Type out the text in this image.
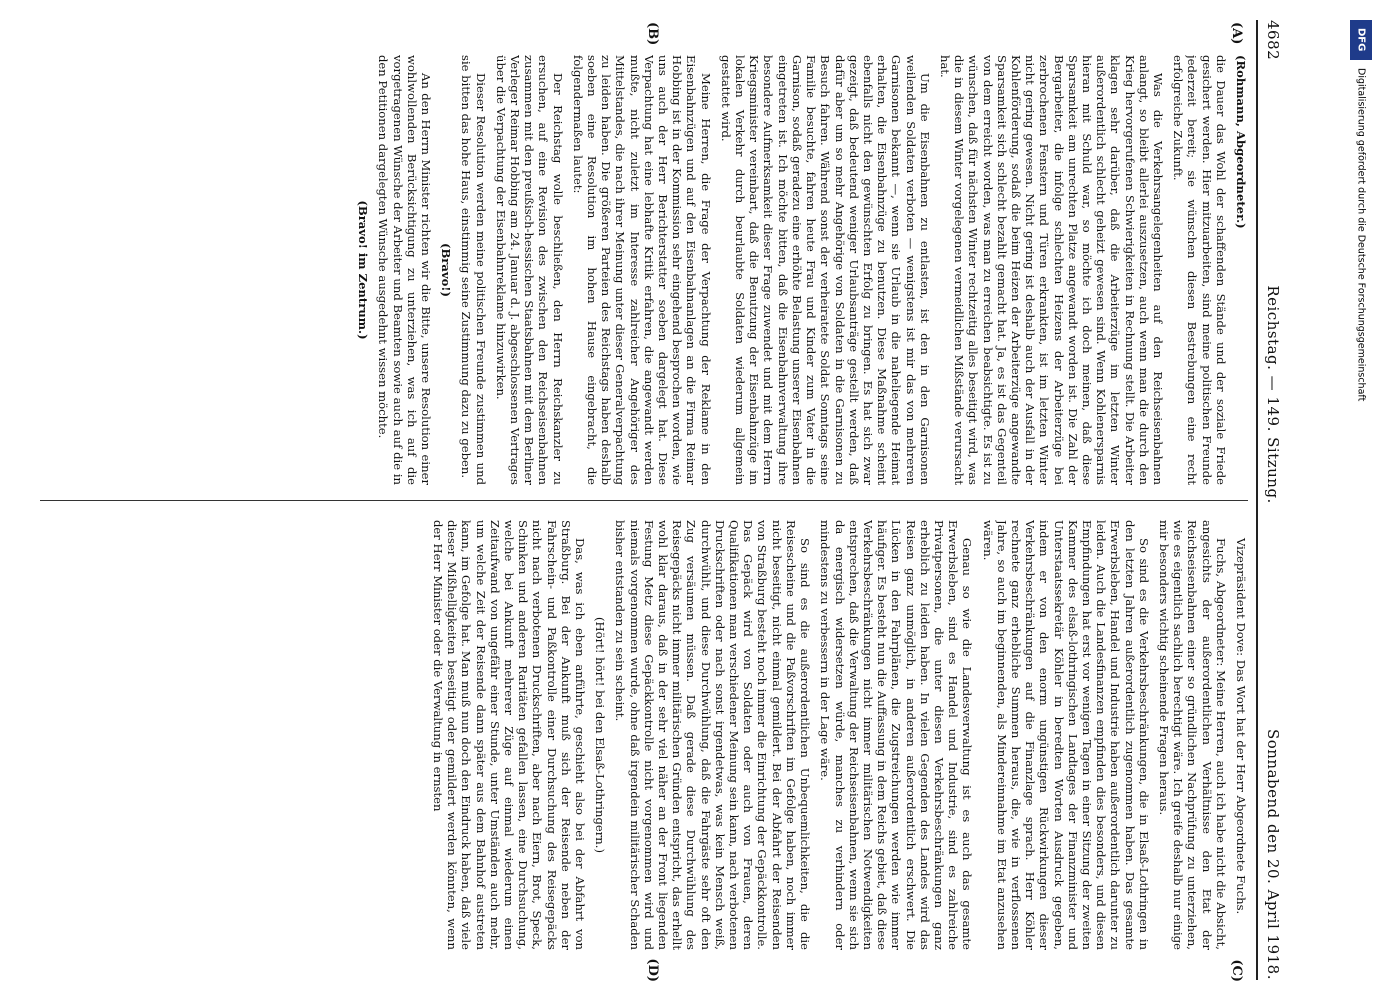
4682
Reichstag. — 149. Sitzung.
Sonnabend den 20. April 1918.
(A)
(B)
(C)
(D)

(Rohmann, Abgeordneter.)

die Dauer das Wohl der schaffenden Stände und der soziale Friede gesichert werden. Hier mitzuarbeiten, sind meine politischen Freunde jederzeit bereit; sie wünschen diesen Bestrebungen eine recht erfolgreiche Zukunft.

Was die Verkehrsangelegenheiten auf den Reichseisenbahnen anlangt, so bleibt allerlei auszusetzen, auch wenn man die durch den Krieg hervorgerufenen Schwierigkeiten in Rechnung stellt. Die Arbeiter klagen sehr darüber, daß die Arbeiterzüge im letzten Winter außerordentlich schlecht geheizt gewesen sind. Wenn Kohlenersparnis hieran mit Schuld war, so möchte ich doch meinen, daß diese Sparsamkeit am unrechten Platze angewandt worden ist. Die Zahl der Bergarbeiter, die infolge schlechten Heizens der Arbeiterzüge bei zerbrochenen Fenstern und Türen erkrankten, ist im letzten Winter nicht gering gewesen. Nicht gering ist deshalb auch der Ausfall in der Kohlenförderung, sodaß die beim Heizen der Arbeiterzüge angewandte Sparsamkeit sich schlecht bezahlt gemacht hat. Ja, es ist das Gegenteil von dem erreicht worden, was man zu erreichen beabsichtigte. Es ist zu wünschen, daß für nächsten Winter rechtzeitig alles beseitigt wird, was die in diesem Winter vorgelegenen vermeidlichen Mißstände verursacht hat.

Um die Eisenbahnen zu entlasten, ist den in den Garnisonen weilenden Soldaten verboten — wenigstens ist mir das von mehreren Garnisonen bekannt —, wenn sie Urlaub in die naheliegende Heimat erhalten, die Eisenbahnzüge zu benutzen. Diese Maßnahme scheint ebenfalls nicht den gewünschten Erfolg zu bringen. Es hat sich zwar gezeigt, daß bedeutend weniger Urlaubsanträge gestellt werden, daß dafür aber um so mehr Angehörige von Soldaten in die Garnisonen zu Besuch fahren. Während sonst der verheiratete Soldat Sonntags seine Familie besuchte, fahren heute Frau und Kinder zum Vater in die Garnison, sodaß geradezu eine erhöhte Belastung unserer Eisenbahnen eingetreten ist. Ich möchte bitten, daß die Eisenbahnverwaltung ihre besondere Aufmerksamkeit dieser Frage zuwendet und mit dem Herrn Kriegsminister vereinbart, daß die Benutzung der Eisenbahnzüge im lokalen Verkehr durch beurlaubte Soldaten wiederum allgemein gestattet wird.

Meine Herren, die Frage der Verpachtung der Reklame in den Eisenbahnzügen und auf den Eisenbahnanlagen an die Firma Reimar Hobbing ist in der Kommission sehr eingehend besprochen worden, wie uns auch der Herr Berichterstatter soeben dargelegt hat. Diese Verpachtung hat eine lebhafte Kritik erfahren, die angewandt werden mußte, nicht zuletzt im Interesse zahlreicher Angehöriger des Mittelstandes, die nach ihrer Meinung unter dieser Generalverpachtung zu leiden haben. Die größeren Parteien des Reichstags haben deshalb soeben eine Resolution im hohen Hause eingebracht, die folgendermaßen lautet:

Der Reichstag wolle beschließen, den Herrn Reichskanzler zu ersuchen, auf eine Revision des zwischen den Reichseisenbahnen zusammen mit den preußisch-hessischen Staatsbahnen mit dem Berliner Verleger Reimar Hobbing am 24. Januar d. J. abgeschlossenen Vertrages über die Verpachtung der Eisenbahnreklame hinzuwirken.

Dieser Resolution werden meine politischen Freunde zustimmen und sie bitten das hohe Haus, einstimmig seine Zustimmung dazu zu geben.

(Bravo!)

An den Herrn Minister richten wir die Bitte, unsere Resolution einer wohlwollenden Berücksichtigung zu unterziehen, was ich auf die vorgetragenen Wünsche der Arbeiter und Beamten sowie auch auf die in den Petitionen dargelegten Wünsche ausgedehnt wissen möchte.

(Bravo! im Zentrum.)

Vizepräsident Dove: Das Wort hat der Herr Abgeordnete Fuchs.

Fuchs, Abgeordneter: Meine Herren, auch ich habe nicht die Absicht, angesichts der außerordentlichen Verhältnisse den Etat der Reichseisenbahnen einer so gründlichen Nachprüfung zu unterziehen, wie es eigentlich sachlich berechtigt wäre. Ich greife deshalb nur einige mir besonders wichtig scheinende Fragen heraus.

So sind es die Verkehrsbeschränkungen, die in Elsaß-Lothringen in den letzten Jahren außerordentlich zugenommen haben. Das gesamte Erwerbsleben, Handel und Industrie haben außerordentlich darunter zu leiden. Auch die Landesfinanzen empfinden dies besonders, und diesen Empfindungen hat erst vor wenigen Tagen in einer Sitzung der zweiten Kammer des elsaß-lothringischen Landtages der Finanzminister und Unterstaatssekretär Köhler in beredten Worten Ausdruck gegeben, indem er von den enorm ungünstigen Rückwirkungen dieser Verkehrsbeschränkungen auf die Finanzlage sprach. Herr Köhler rechnete ganz erhebliche Summen heraus, die, wie in verflossenen Jahre, so auch im beginnenden, als Mindereinnahme im Etat anzusehen wären.

Genau so wie die Landesverwaltung ist es auch das gesamte Erwerbsleben, sind es Handel und Industrie, sind es zahlreiche Privatpersonen, die unter diesen Verkehrsbeschränkungen ganz erheblich zu leiden haben. In vielen Gegenden des Landes wird das Reisen ganz unmöglich, in anderen außerordentlich erschwert. Die Lücken in den Fahrplänen, die Zugstreichungen werden wie immer häufiger. Es besteht nun die Auffassung in dem Reichs gebiet, daß diese Verkehrsbeschränkungen nicht immer militärischen Notwendigkeiten entsprechen, daß die Verwaltung der Reichseisenbahnen, wenn sie sich da energisch widersetzen würde, manches zu verhindern oder mindestens zu verbessern in der Lage wäre.

So sind es die außerordentlichen Unbequemlichkeiten, die die Reisescheine und die Paßvorschriften im Gefolge haben, noch immer nicht beseitigt, nicht einmal gemildert. Bei der Abfahrt der Reisenden von Straßburg besteht noch immer die Einrichtung der Gepäckkontrolle. Das Gepäck wird von Soldaten oder auch von Frauen, deren Qualifikationen man verschiedener Meinung sein kann, nach verbotenen Druckschriften oder nach sonst irgendetwas, was kein Mensch weiß, durchwühlt, und diese Durchwühlung, daß die Fahrgäste sehr oft den Zug versäumen müssen. Daß gerade diese Durchwühlung des Reisegepäcks nicht immer militärischen Gründen entspricht, das erhellt wohl klar daraus, daß in der sehr viel näher an der Front liegenden Festung Metz diese Gepäckkontrolle nicht vorgenommen wird und niemals vorgenommen wurde, ohne daß irgendein militärischer Schaden bisher entstanden zu sein scheint.

(Hört! hört! bei den Elsaß-Lothringern.)

Das, was ich eben anführte, geschieht also bei der Abfahrt von Straßburg. Bei der Ankunft muß sich der Reisende neben der Fahrschein- und Paßkontrolle einer Durchsuchung des Reisegepäcks nicht nach verbotenen Druckschriften, aber nach Eiern, Brot, Speck, Schinken und anderen Raritäten gefallen lassen, eine Durchsuchung, welche bei Ankunft mehrerer Züge auf einmal wiederum einen Zeitaufwand von ungefähr einer Stunde, unter Umständen auch mehr, um welche Zeit der Reisende dann später aus dem Bahnhof austreten kann, im Gefolge hat. Man muß nun doch den Eindruck haben, daß viele dieser Mißhelligkeiten beseitigt oder gemildert werden könnten, wenn der Herr Minister oder die Verwaltung in ernsten

DFG
Digitalisierung gefördert durch die Deutsche Forschungsgemeinschaft
